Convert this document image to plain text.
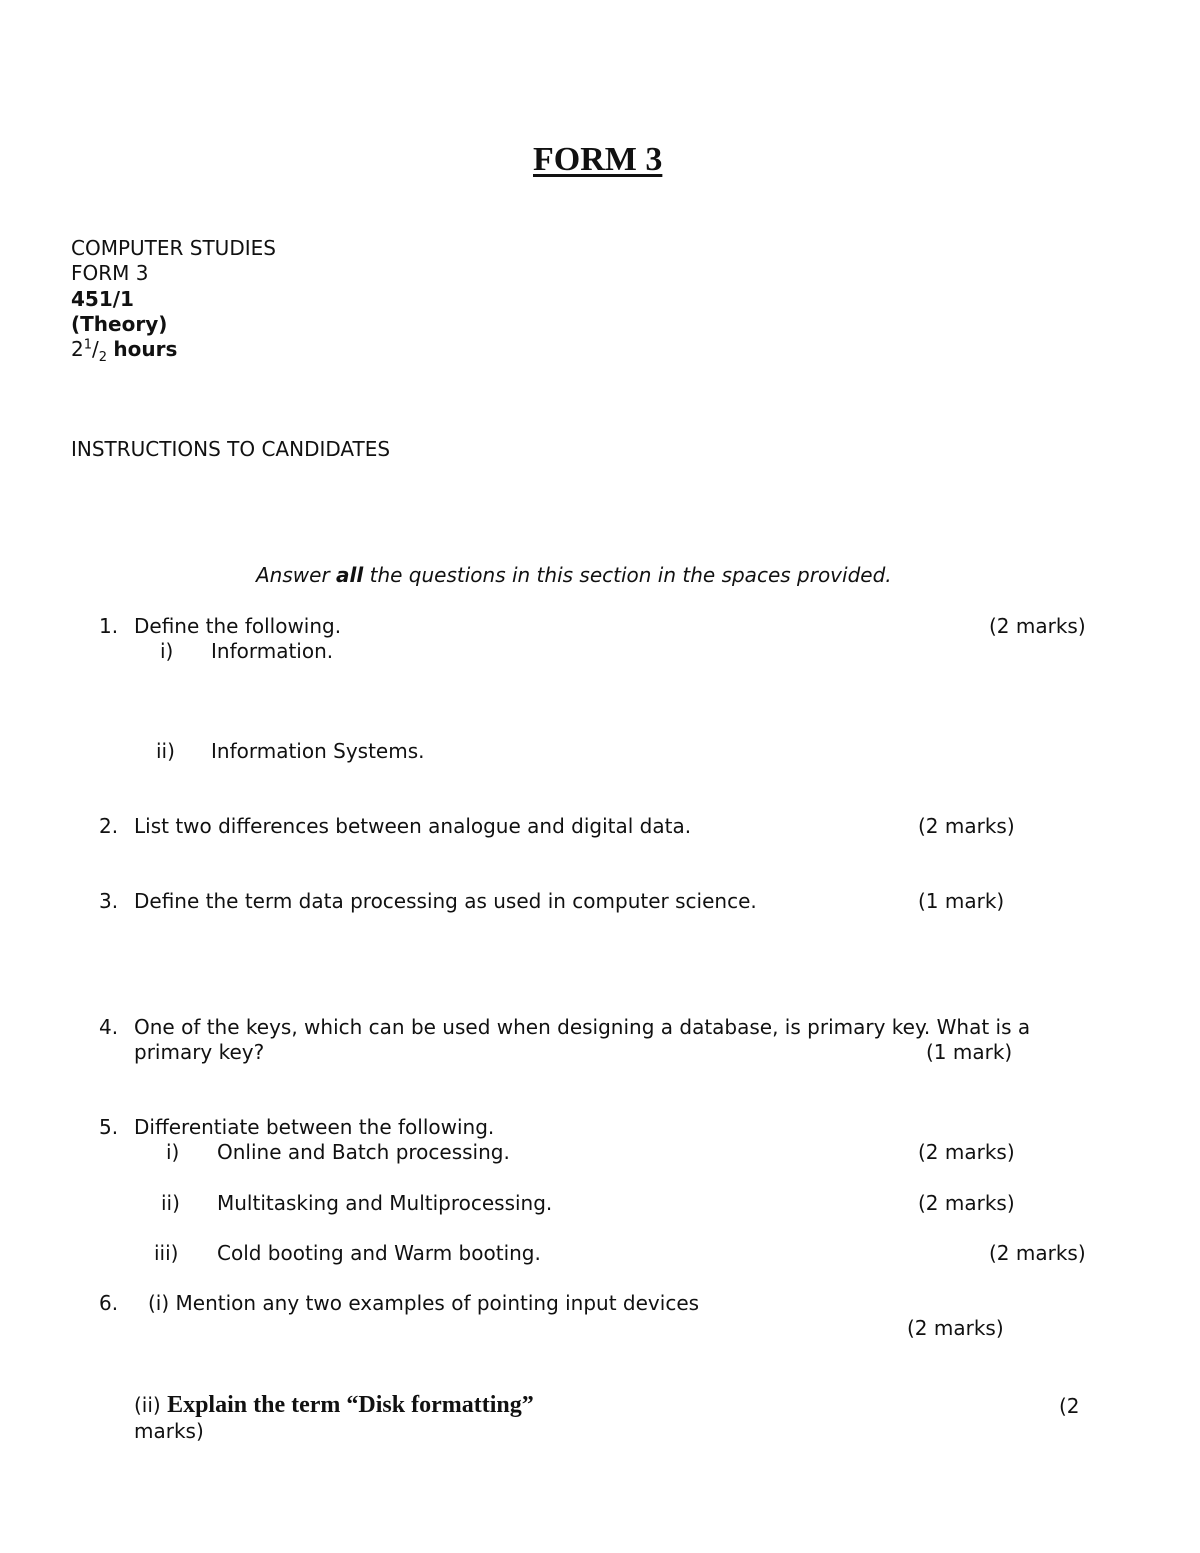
FORM 3
COMPUTER STUDIES
FORM 3
451/1
(Theory)
$2^1/_2$ hours
INSTRUCTIONS TO CANDIDATES
Answer all the questions in this section in the spaces provided.
1. Define the following.	(2 marks)
i) Information.
ii) Information Systems.
2. List two differences between analogue and digital data.	(2 marks)
3. Define the term data processing as used in computer science.	(1 mark)
4. One of the keys, which can be used when designing a database, is primary key. What is a
primary key?	(1 mark)
5. Differentiate between the following.
i) Online and Batch processing.	(2 marks)
ii) Multitasking and Multiprocessing.	(2 marks)
iii) Cold booting and Warm booting.	(2 marks)
6. (i) Mention any two examples of pointing input devices
(2 marks)
(ii) Explain the term “Disk formatting”	(2
marks)
